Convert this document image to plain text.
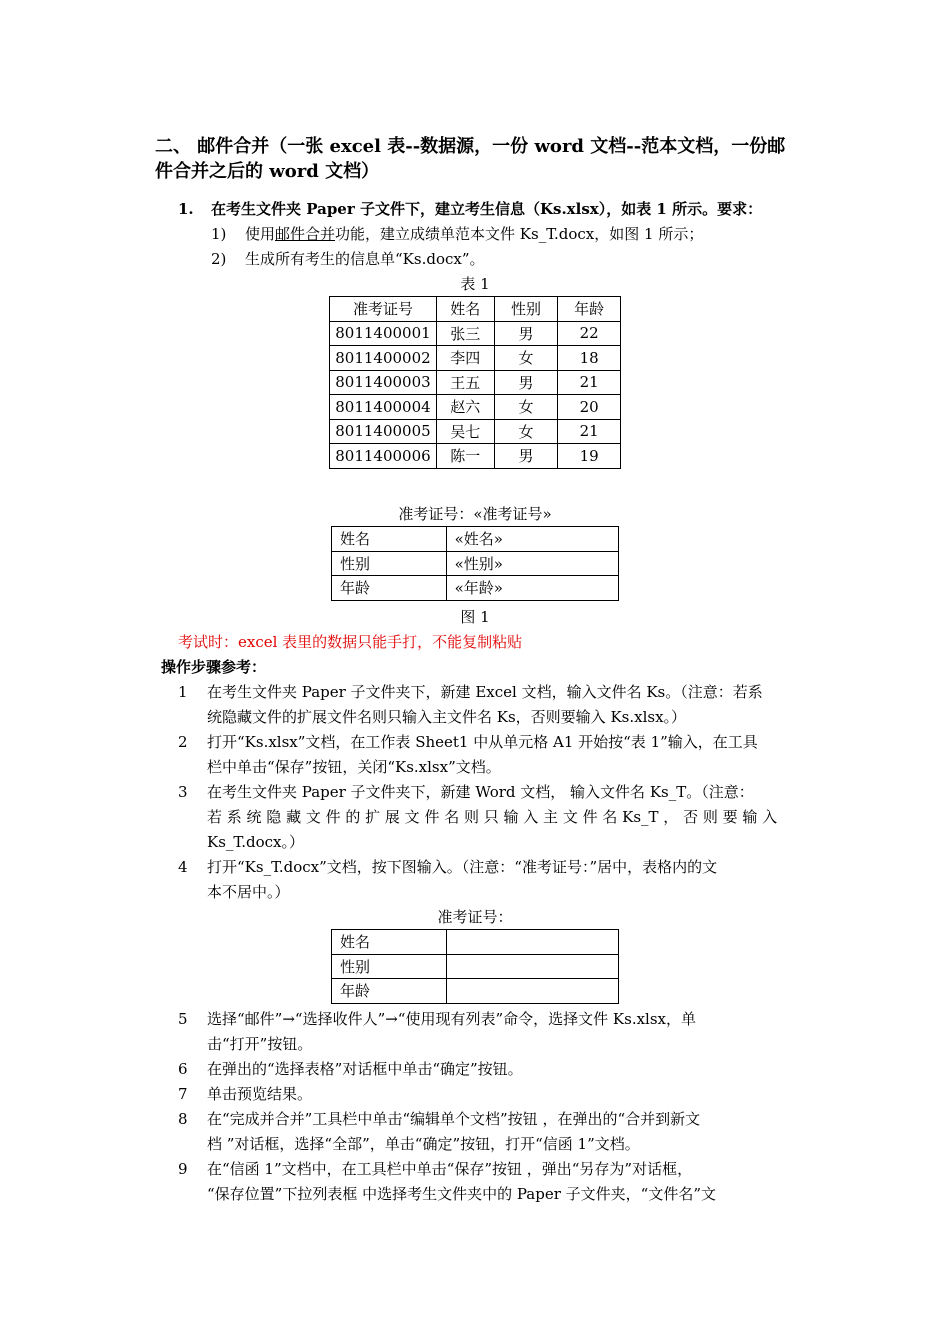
二、 邮件合并（一张 excel 表--数据源，一份 word 文档--范本文档，一份邮
件合并之后的 word 文档）
1. 在考生文件夹 Paper 子文件下，建立考生信息（Ks.xlsx），如表 1 所示。要求：
1) 使用邮件合并功能，建立成绩单范本文件 Ks_T.docx，如图 1 所示；
2) 生成所有考生的信息单“Ks.docx”。
表 1
准考证号	姓名	性别	年龄
8011400001	张三	男	22
8011400002	李四	女	18
8011400003	王五	男	21
8011400004	赵六	女	20
8011400005	吴七	女	21
8011400006	陈一	男	19
准考证号：«准考证号»
姓名	«姓名»
性别	«性别»
年龄	«年龄»
图 1
考试时：excel 表里的数据只能手打，不能复制粘贴
操作步骤参考：
1 在考生文件夹 Paper 子文件夹下，新建 Excel 文档，输入文件名 Ks。（注意：若系
统隐藏文件的扩展文件名则只输入主文件名 Ks，否则要输入 Ks.xlsx。）
2 打开“Ks.xlsx”文档，在工作表 Sheet1 中从单元格 A1 开始按“表 1”输入，在工具
栏中单击“保存”按钮，关闭“Ks.xlsx”文档。
3 在考生文件夹 Paper 子文件夹下，新建 Word 文档， 输入文件名 Ks_T。（注意：
若 系 统 隐 藏 文 件 的 扩 展 文 件 名 则 只 输 入 主 文 件 名 Ks_T ， 否 则 要 输 入
Ks_T.docx。）
4 打开“Ks_T.docx”文档，按下图输入。（注意：“准考证号：”居中，表格内的文
本不居中。）
准考证号：
姓名	
性别	
年龄	
5 选择“邮件”→“选择收件人”→“使用现有列表”命令，选择文件 Ks.xlsx，单
击“打开”按钮。
6 在弹出的“选择表格”对话框中单击“确定”按钮。
7 单击预览结果。
8 在“完成并合并”工具栏中单击“编辑单个文档”按钮 ，在弹出的“合并到新文
档 ”对话框，选择“全部”，单击“确定”按钮，打开“信函 1”文档。
9 在“信函 1”文档中，在工具栏中单击“保存”按钮 ，弹出“另存为”对话框，
“保存位置”下拉列表框 中选择考生文件夹中的 Paper 子文件夹，“文件名”文
